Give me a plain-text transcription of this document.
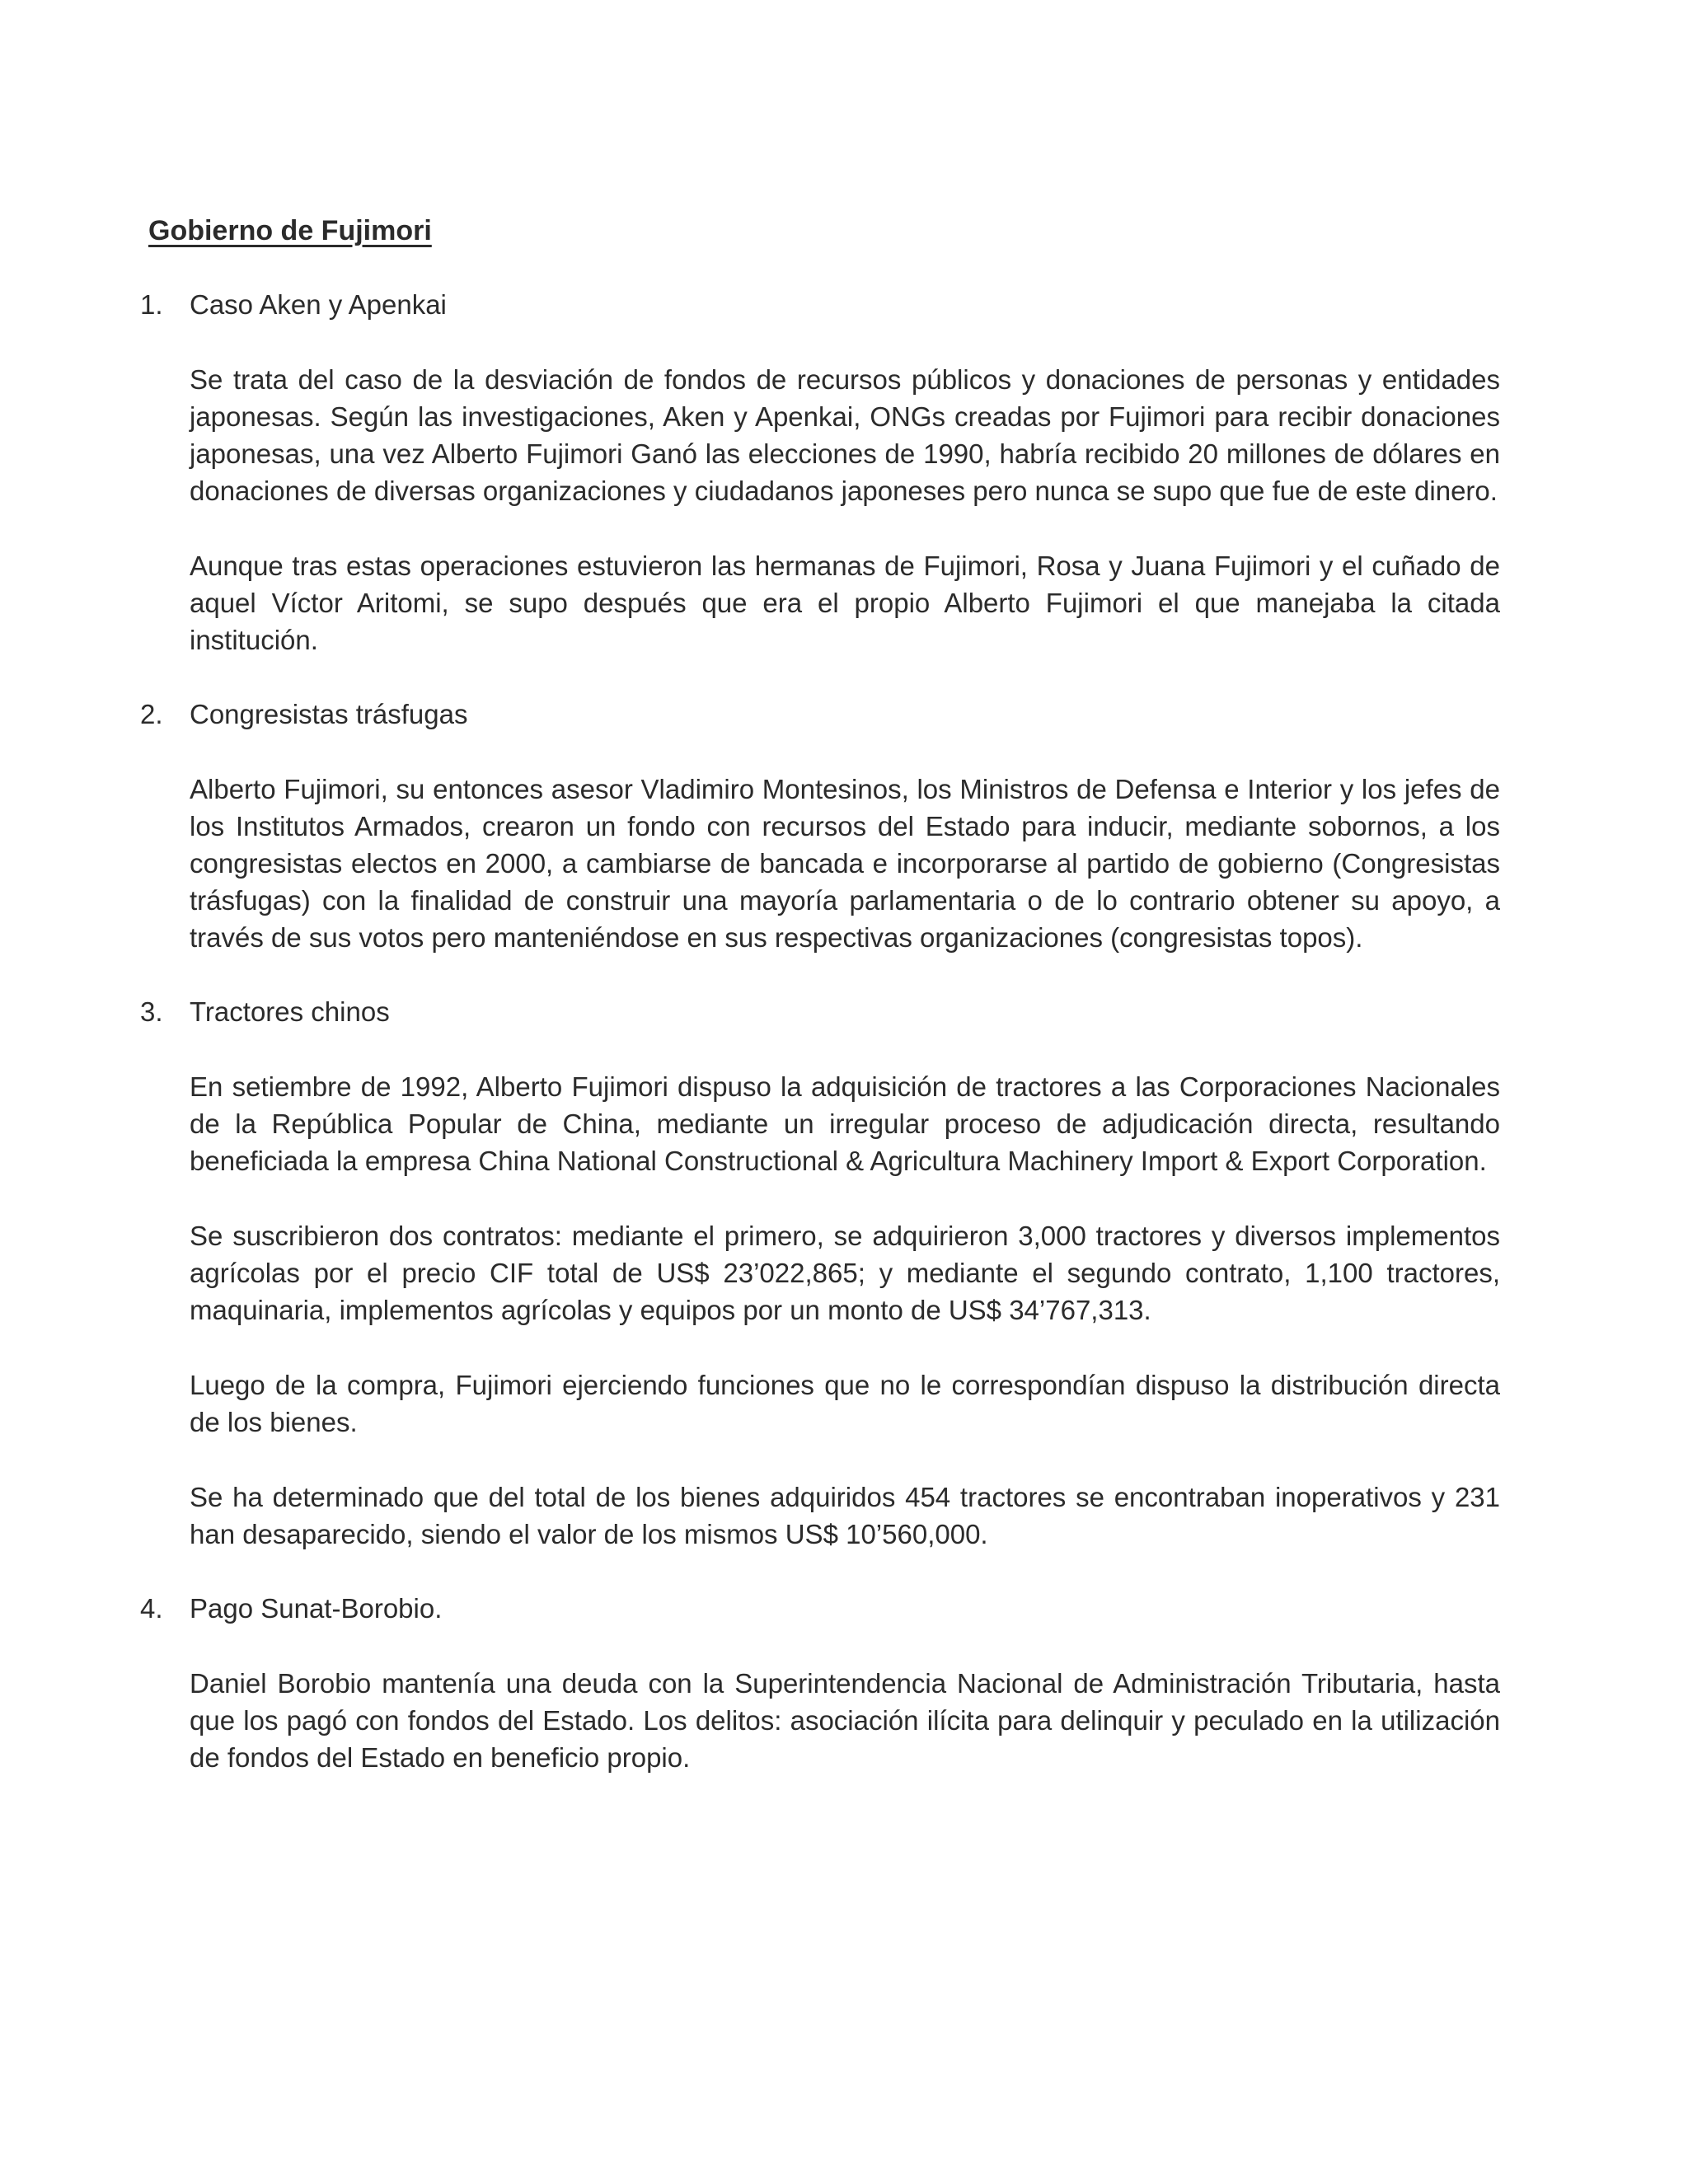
Gobierno de Fujimori
1. Caso Aken y Apenkai

Se trata del caso de la desviación de fondos de recursos públicos y donaciones de personas y entidades japonesas. Según las investigaciones, Aken y Apenkai, ONGs creadas por Fujimori para recibir donaciones japonesas, una vez Alberto Fujimori Ganó las elecciones de 1990, habría recibido 20 millones de dólares en donaciones de diversas organizaciones y ciudadanos japoneses pero nunca se supo que fue de este dinero.

Aunque tras estas operaciones estuvieron las hermanas de Fujimori, Rosa y Juana Fujimori y el cuñado de aquel Víctor Aritomi, se supo después que era el propio Alberto Fujimori el que manejaba la citada institución.

2. Congresistas trásfugas

Alberto Fujimori, su entonces asesor Vladimiro Montesinos, los Ministros de Defensa e Interior y los jefes de los Institutos Armados, crearon un fondo con recursos del Estado para inducir, mediante sobornos, a los congresistas electos en 2000, a cambiarse de bancada e incorporarse al partido de gobierno (Congresistas trásfugas) con la finalidad de construir una mayoría parlamentaria o de lo contrario obtener su apoyo, a través de sus votos pero manteniéndose en sus respectivas organizaciones (congresistas topos).

3. Tractores chinos

En setiembre de 1992, Alberto Fujimori dispuso la adquisición de tractores a las Corporaciones Nacionales de la República Popular de China, mediante un irregular proceso de adjudicación directa, resultando beneficiada la empresa China National Constructional & Agricultura Machinery Import & Export Corporation.

Se suscribieron dos contratos: mediante el primero, se adquirieron 3,000 tractores y diversos implementos agrícolas por el precio CIF total de US$ 23’022,865; y mediante el segundo contrato, 1,100 tractores, maquinaria, implementos agrícolas y equipos por un monto de US$ 34’767,313.

Luego de la compra, Fujimori ejerciendo funciones que no le correspondían dispuso la distribución directa de los bienes.

Se ha determinado que del total de los bienes adquiridos 454 tractores se encontraban inoperativos y 231 han desaparecido, siendo el valor de los mismos US$ 10’560,000.

4. Pago Sunat-Borobio.

Daniel Borobio mantenía una deuda con la Superintendencia Nacional de Administración Tributaria, hasta que los pagó con fondos del Estado. Los delitos: asociación ilícita para delinquir y peculado en la utilización de fondos del Estado en beneficio propio.
